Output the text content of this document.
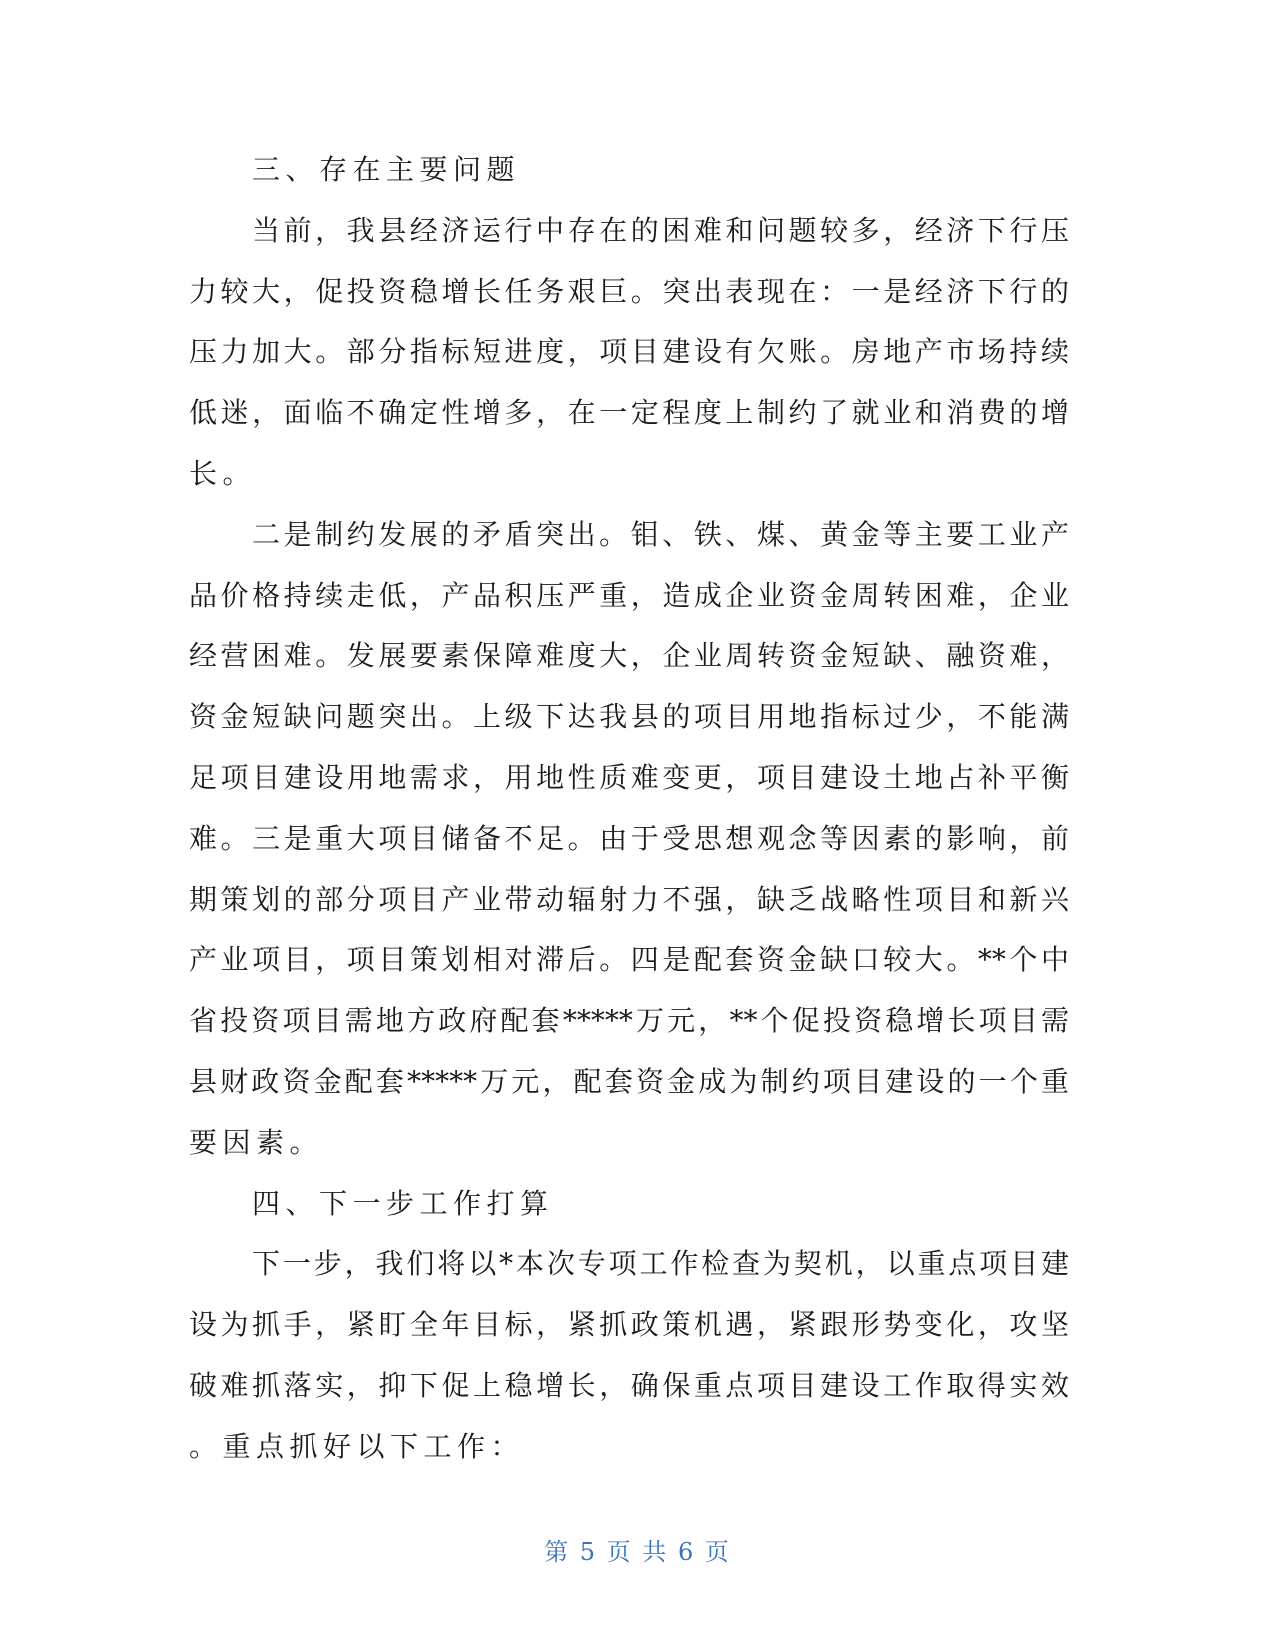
三、存在主要问题
当前，我县经济运行中存在的困难和问题较多，经济下行压
力较大，促投资稳增长任务艰巨。突出表现在：一是经济下行的
压力加大。部分指标短进度，项目建设有欠账。房地产市场持续
低迷，面临不确定性增多，在一定程度上制约了就业和消费的增
长。
二是制约发展的矛盾突出。钼、铁、煤、黄金等主要工业产
品价格持续走低，产品积压严重，造成企业资金周转困难，企业
经营困难。发展要素保障难度大，企业周转资金短缺、融资难，
资金短缺问题突出。上级下达我县的项目用地指标过少，不能满
足项目建设用地需求，用地性质难变更，项目建设土地占补平衡
难。三是重大项目储备不足。由于受思想观念等因素的影响，前
期策划的部分项目产业带动辐射力不强，缺乏战略性项目和新兴
产业项目，项目策划相对滞后。四是配套资金缺口较大。**个中
省投资项目需地方政府配套*****万元，**个促投资稳增长项目需
县财政资金配套*****万元，配套资金成为制约项目建设的一个重
要因素。
四、下一步工作打算
下一步，我们将以*本次专项工作检查为契机，以重点项目建
设为抓手，紧盯全年目标，紧抓政策机遇，紧跟形势变化，攻坚
破难抓落实，抑下促上稳增长，确保重点项目建设工作取得实效
。重点抓好以下工作：
第 5 页 共 6 页
